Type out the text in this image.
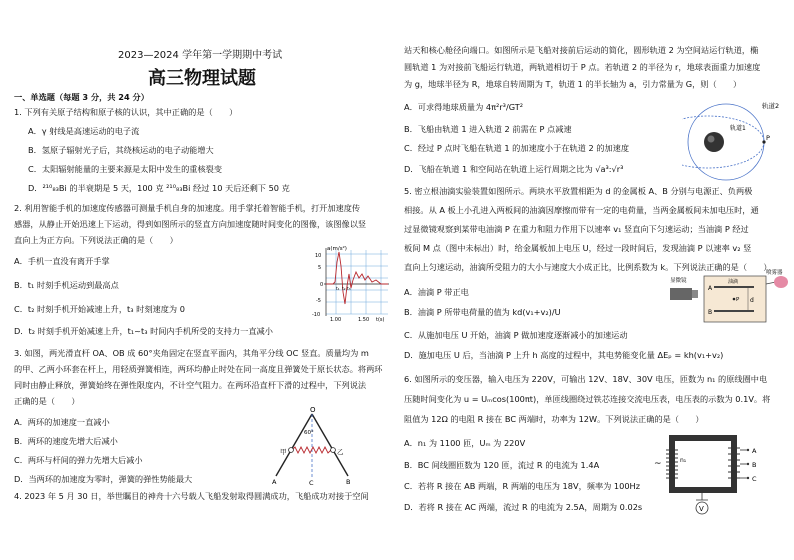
2023—2024 学年第一学期期中考试
高三物理试题
一、单选题（每题 3 分，共 24 分）
1. 下列有关原子结构和原子核的认识，其中正确的是（　　）
A．γ 射线是高速运动的电子流
B．氢原子辐射光子后，其绕核运动的电子动能增大
C．太阳辐射能量的主要来源是太阳中发生的重核裂变
D．²¹⁰₈₃Bi 的半衰期是 5 天，100 克 ²¹⁰₈₃Bi 经过 10 天后还剩下 50 克
2. 利用智能手机的加速度传感器可测量手机自身的加速度。用手掌托着智能手机，打开加速度传
感器，从静止开始迅速上下运动，得到如图所示的竖直方向加速度随时间变化的图像，该图像以竖
直向上为正方向。下列说法正确的是（　　）
A．手机一直没有离开手掌
B．t₁ 时刻手机运动到最高点
C．t₂ 时刻手机开始减速上升，t₃ 时刻速度为 0
D．t₂ 时刻手机开始减速上升，t₁~t₃ 时间内手机所受的支持力一直减小
a(m/s²)
10
5
0
-5
-10
1.00	1.50 t(s)
t₁ t₂ t₃
3. 如图，两光滑直杆 OA、OB 成 60°夹角固定在竖直平面内，其角平分线 OC 竖直。质量均为 m
的甲、乙两小环套在杆上，用轻质弹簧相连，两环均静止时处在同一高度且弹簧处于原长状态。将两环
同时由静止释放，弹簧始终在弹性限度内，不计空气阻力。在两环沿直杆下滑的过程中，下列说法
正确的是（　　）
A．两环的加速度一直减小
B．两环的速度先增大后减小
C．两环与杆间的弹力先增大后减小
D．当两环的加速度为零时，弹簧的弹性势能最大
O
60°
甲	乙
A	C	B
4. 2023 年 5 月 30 日，举世瞩目的神舟十六号载人飞船发射取得圆满成功，飞船成功对接于空间
站天和核心舱径向端口。如图所示是飞船对接前后运动的简化，圆形轨道 2 为空间站运行轨道，椭
圆轨道 1 为对接前飞船运行轨道，两轨道相切于 P 点。若轨道 2 的半径为 r，地球表面重力加速度
为 g，地球半径为 R，地球自转周期为 T，轨道 1 的半长轴为 a，引力常量为 G，则（　　）
A．可求得地球质量为 4π²r³/GT²
B．飞船由轨道 1 进入轨道 2 前需在 P 点减速
C．经过 P 点时飞船在轨道 1 的加速度小于在轨道 2 的加速度
D．飞船在轨道 1 和空间站在轨道上运行周期之比为 √a³:√r³
P
轨道2
轨道1
5. 密立根油滴实验装置如图所示。两块水平放置相距为 d 的金属板 A、B 分别与电源正、负两极
相接。从 A 板上小孔进入两板间的油滴因摩擦而带有一定的电荷量，当两金属板间未加电压时，通
过显微镜观察到某带电油滴 P 在重力和阻力作用下以速率 v₁ 竖直向下匀速运动；当油滴 P 经过
板间 M 点（图中未标出）时，给金属板加上电压 U，经过一段时间后，发现油滴 P 以速率 v₂ 竖
直向上匀速运动，油滴所受阻力的大小与速度大小成正比，比例系数为 k。下列说法正确的是（　　）
A．油滴 P 带正电
B．油滴 P 所带电荷量的值为 kd(v₁+v₂)/U
C．从施加电压 U 开始，油滴 P 做加速度逐渐减小的加速运动
D．施加电压 U 后，当油滴 P 上升 h 高度的过程中，其电势能变化量 ΔEₚ = kh(v₁+v₂)
显微镜
A
B
油滴
d
P
喷雾器
6. 如图所示的变压器，输入电压为 220V，可输出 12V、18V、30V 电压，匝数为 n₁ 的原线圈中电
压随时间变化为 u = Uₘcos(100πt)，单匝线圈绕过铁芯连接交流电压表，电压表的示数为 0.1V。将
阻值为 12Ω 的电阻 R 接在 BC 两端时，功率为 12W。下列说法正确的是（　　）
A．n₁ 为 1100 匝，Uₘ 为 220V
B．BC 间线圈匝数为 120 匝，流过 R 的电流为 1.4A
C．若将 R 接在 AB 两端，R 两端的电压为 18V，频率为 100Hz
D．若将 R 接在 AC 两端，流过 R 的电流为 2.5A，周期为 0.02s
n₁
~
A
B
C
V
